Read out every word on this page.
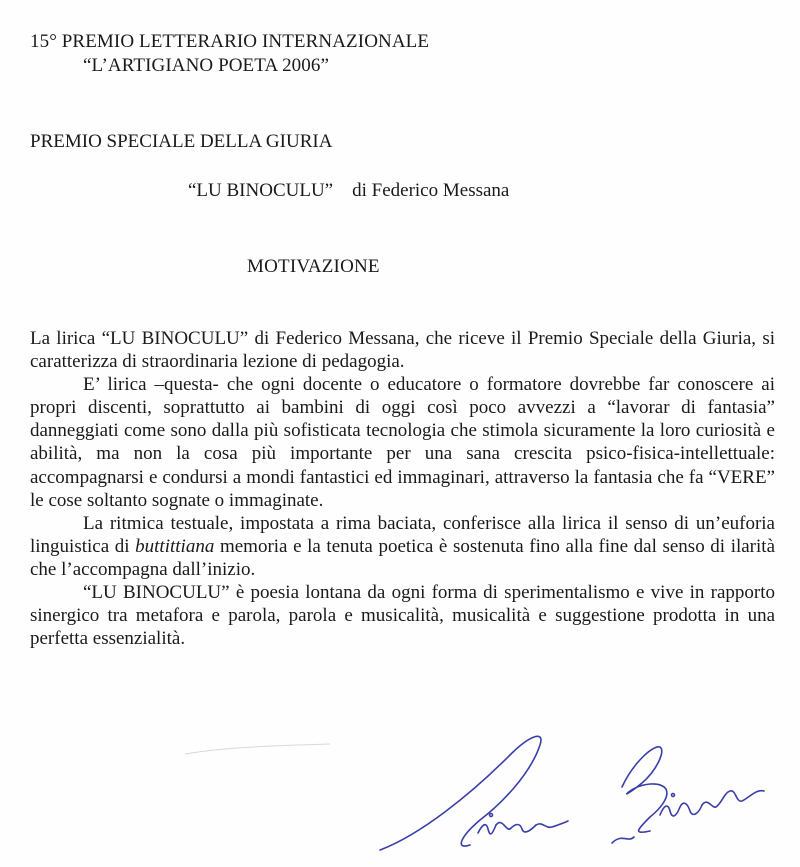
15° PREMIO LETTERARIO INTERNAZIONALE
“L’ARTIGIANO POETA 2006”
PREMIO SPECIALE DELLA GIURIA
“LU BINOCULU” di Federico Messana
MOTIVAZIONE

La lirica “LU BINOCULU” di Federico Messana, che riceve il Premio Speciale della Giuria, si caratterizza di straordinaria lezione di pedagogia.

E’ lirica –questa- che ogni docente o educatore o formatore dovrebbe far conoscere ai propri discenti, soprattutto ai bambini di oggi così poco avvezzi a “lavorar di fantasia” danneggiati come sono dalla più sofisticata tecnologia che stimola sicuramente la loro curiosità e abilità, ma non la cosa più importante per una sana crescita psico-fisica-intellettuale: accompagnarsi e condursi a mondi fantastici ed immaginari, attraverso la fantasia che fa “VERE” le cose soltanto sognate o immaginate.

La ritmica testuale, impostata a rima baciata, conferisce alla lirica il senso di un’euforia linguistica di buttittiana memoria e la tenuta poetica è sostenuta fino alla fine dal senso di ilarità che l’accompagna dall’inizio.

“LU BINOCULU” è poesia lontana da ogni forma di sperimentalismo e vive in rapporto sinergico tra metafora e parola, parola e musicalità, musicalità e suggestione prodotta in una perfetta essenzialità.
